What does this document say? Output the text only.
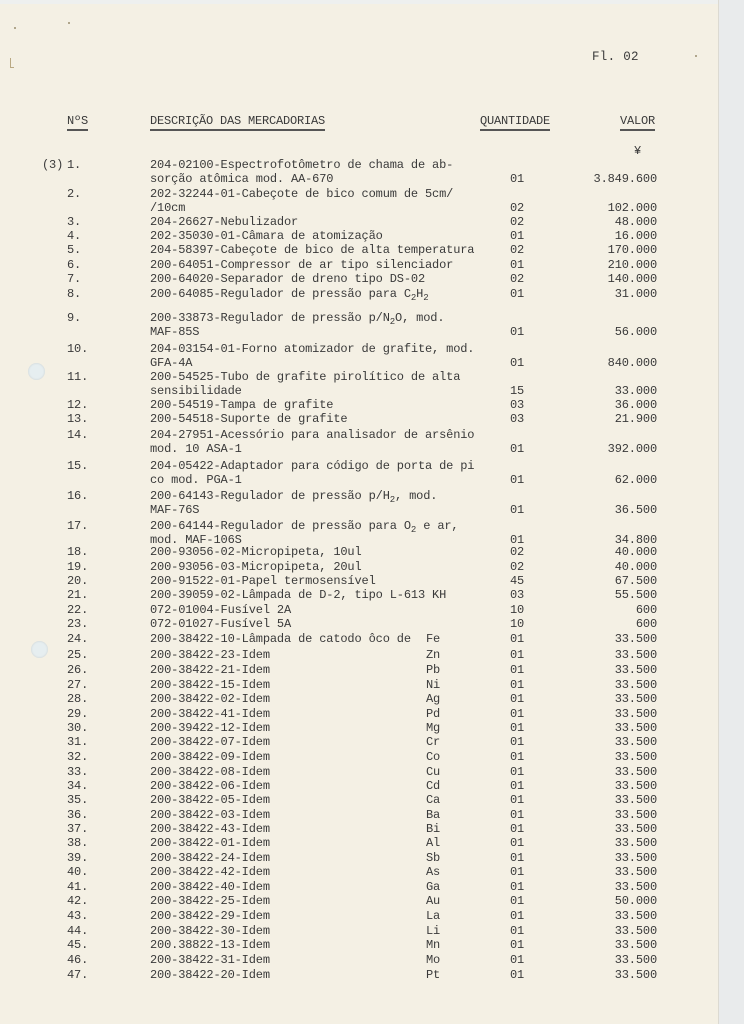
Fl. 02
NºS	DESCRIÇÃO DAS MERCADORIAS	QUANTIDADE	VALOR
¥
(3) 1.	204-02100-Espectrofotômetro de chama de ab-
sorção atômica mod. AA-670	01	3.849.600
2.	202-32244-01-Cabeçote de bico comum de 5cm/
/10cm	02	102.000
3.	204-26627-Nebulizador	02	48.000
4.	202-35030-01-Câmara de atomização	01	16.000
5.	204-58397-Cabeçote de bico de alta temperatura	02	170.000
6.	200-64051-Compressor de ar tipo silenciador	01	210.000
7.	200-64020-Separador de dreno tipo DS-02	02	140.000
8.	200-64085-Regulador de pressão para $C_2H_2$	01	31.000
9.	200-33873-Regulador de pressão $p/N_2O$, mod.
MAF-85S	01	56.000
10.	204-03154-01-Forno atomizador de grafite, mod.
GFA-4A	01	840.000
11.	200-54525-Tubo de grafite pirolítico de alta
sensibilidade	15	33.000
12.	200-54519-Tampa de grafite	03	36.000
13.	200-54518-Suporte de grafite	03	21.900
14.	204-27951-Acessório para analisador de arsênio
mod. 10 ASA-1	01	392.000
15.	204-05422-Adaptador para código de porta de pi
co mod. PGA-1	01	62.000
16.	200-64143-Regulador de pressão $p/H_2$, mod.
MAF-76S	01	36.500
17.	200-64144-Regulador de pressão para $O_2$ e ar,
mod. MAF-106S	01	34.800
18.	200-93056-02-Micropipeta, 10ul	02	40.000
19.	200-93056-03-Micropipeta, 20ul	02	40.000
20.	200-91522-01-Papel termosensível	45	67.500
21.	200-39059-02-Lâmpada de D-2, tipo L-613 KH	03	55.500
22.	072-01004-Fusível 2A	10	600
23.	072-01027-Fusível 5A	10	600
24.	200-38422-10-Lâmpada de catodo ôco de Fe	01	33.500
25.	200-38422-23-Idem	Zn	01	33.500
26.	200-38422-21-Idem	Pb	01	33.500
27.	200-38422-15-Idem	Ni	01	33.500
28.	200-38422-02-Idem	Ag	01	33.500
29.	200-38422-41-Idem	Pd	01	33.500
30.	200-39422-12-Idem	Mg	01	33.500
31.	200-38422-07-Idem	Cr	01	33.500
32.	200-38422-09-Idem	Co	01	33.500
33.	200-38422-08-Idem	Cu	01	33.500
34.	200-38422-06-Idem	Cd	01	33.500
35.	200-38422-05-Idem	Ca	01	33.500
36.	200-38422-03-Idem	Ba	01	33.500
37.	200-38422-43-Idem	Bi	01	33.500
38.	200-38422-01-Idem	Al	01	33.500
39.	200-38422-24-Idem	Sb	01	33.500
40.	200-38422-42-Idem	As	01	33.500
41.	200-38422-40-Idem	Ga	01	33.500
42.	200-38422-25-Idem	Au	01	50.000
43.	200-38422-29-Idem	La	01	33.500
44.	200-38422-30-Idem	Li	01	33.500
45.	200.38822-13-Idem	Mn	01	33.500
46.	200-38422-31-Idem	Mo	01	33.500
47.	200-38422-20-Idem	Pt	01	33.500
